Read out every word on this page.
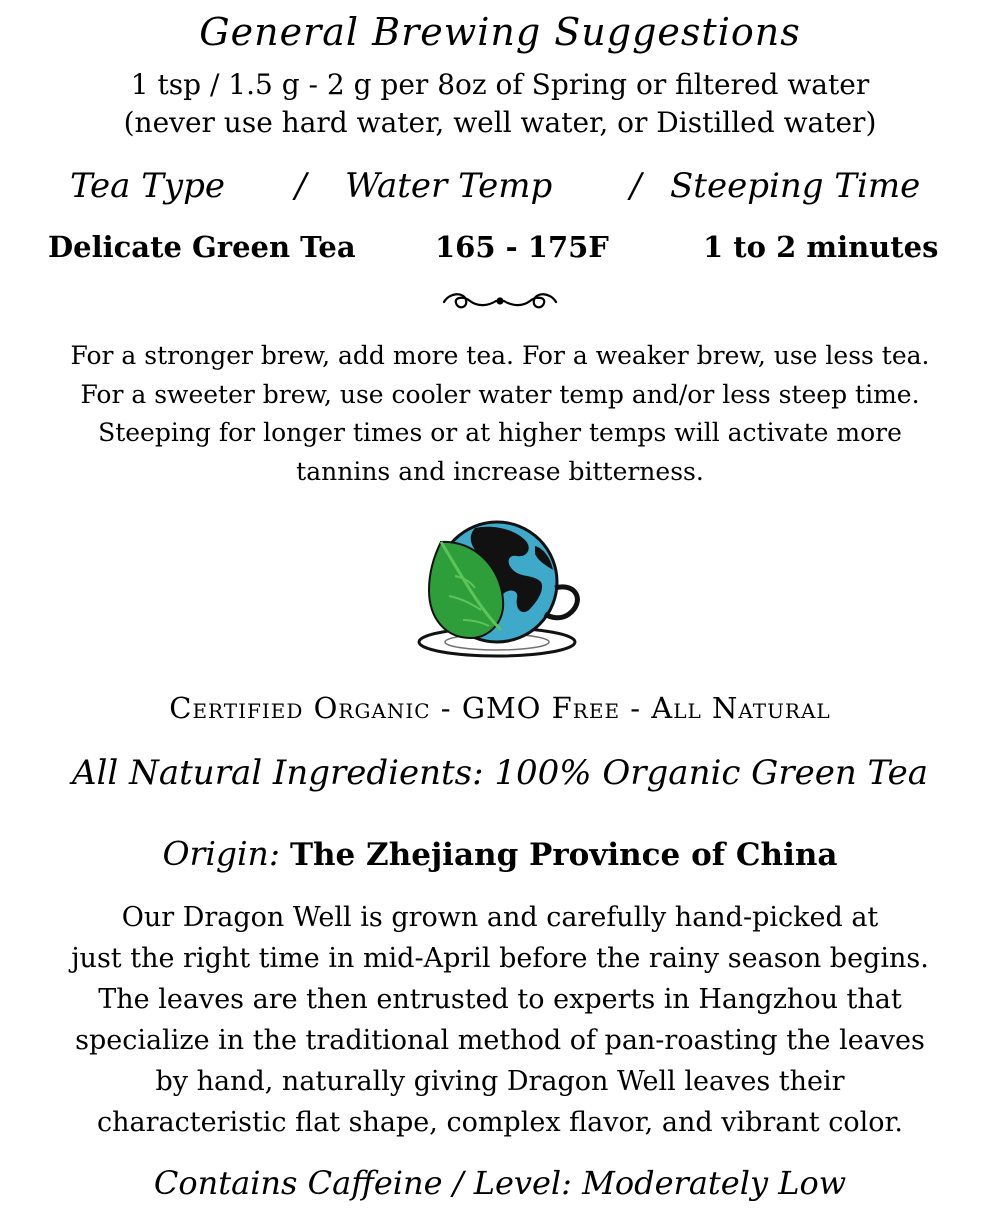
General Brewing Suggestions
1 tsp / 1.5 g - 2 g per 8oz of Spring or filtered water
(never use hard water, well water, or Distilled water)
Tea Type / Water Temp / Steeping Time
Delicate Green Tea	165 - 175F	1 to 2 minutes
For a stronger brew, add more tea. For a weaker brew, use less tea.
For a sweeter brew, use cooler water temp and/or less steep time.
Steeping for longer times or at higher temps will activate more
tannins and increase bitterness.
Certified Organic - GMO Free - All Natural
All Natural Ingredients: 100% Organic Green Tea
Origin: The Zhejiang Province of China
Our Dragon Well is grown and carefully hand-picked at
just the right time in mid-April before the rainy season begins.
The leaves are then entrusted to experts in Hangzhou that
specialize in the traditional method of pan-roasting the leaves
by hand, naturally giving Dragon Well leaves their
characteristic flat shape, complex flavor, and vibrant color.
Contains Caffeine / Level: Moderately Low
